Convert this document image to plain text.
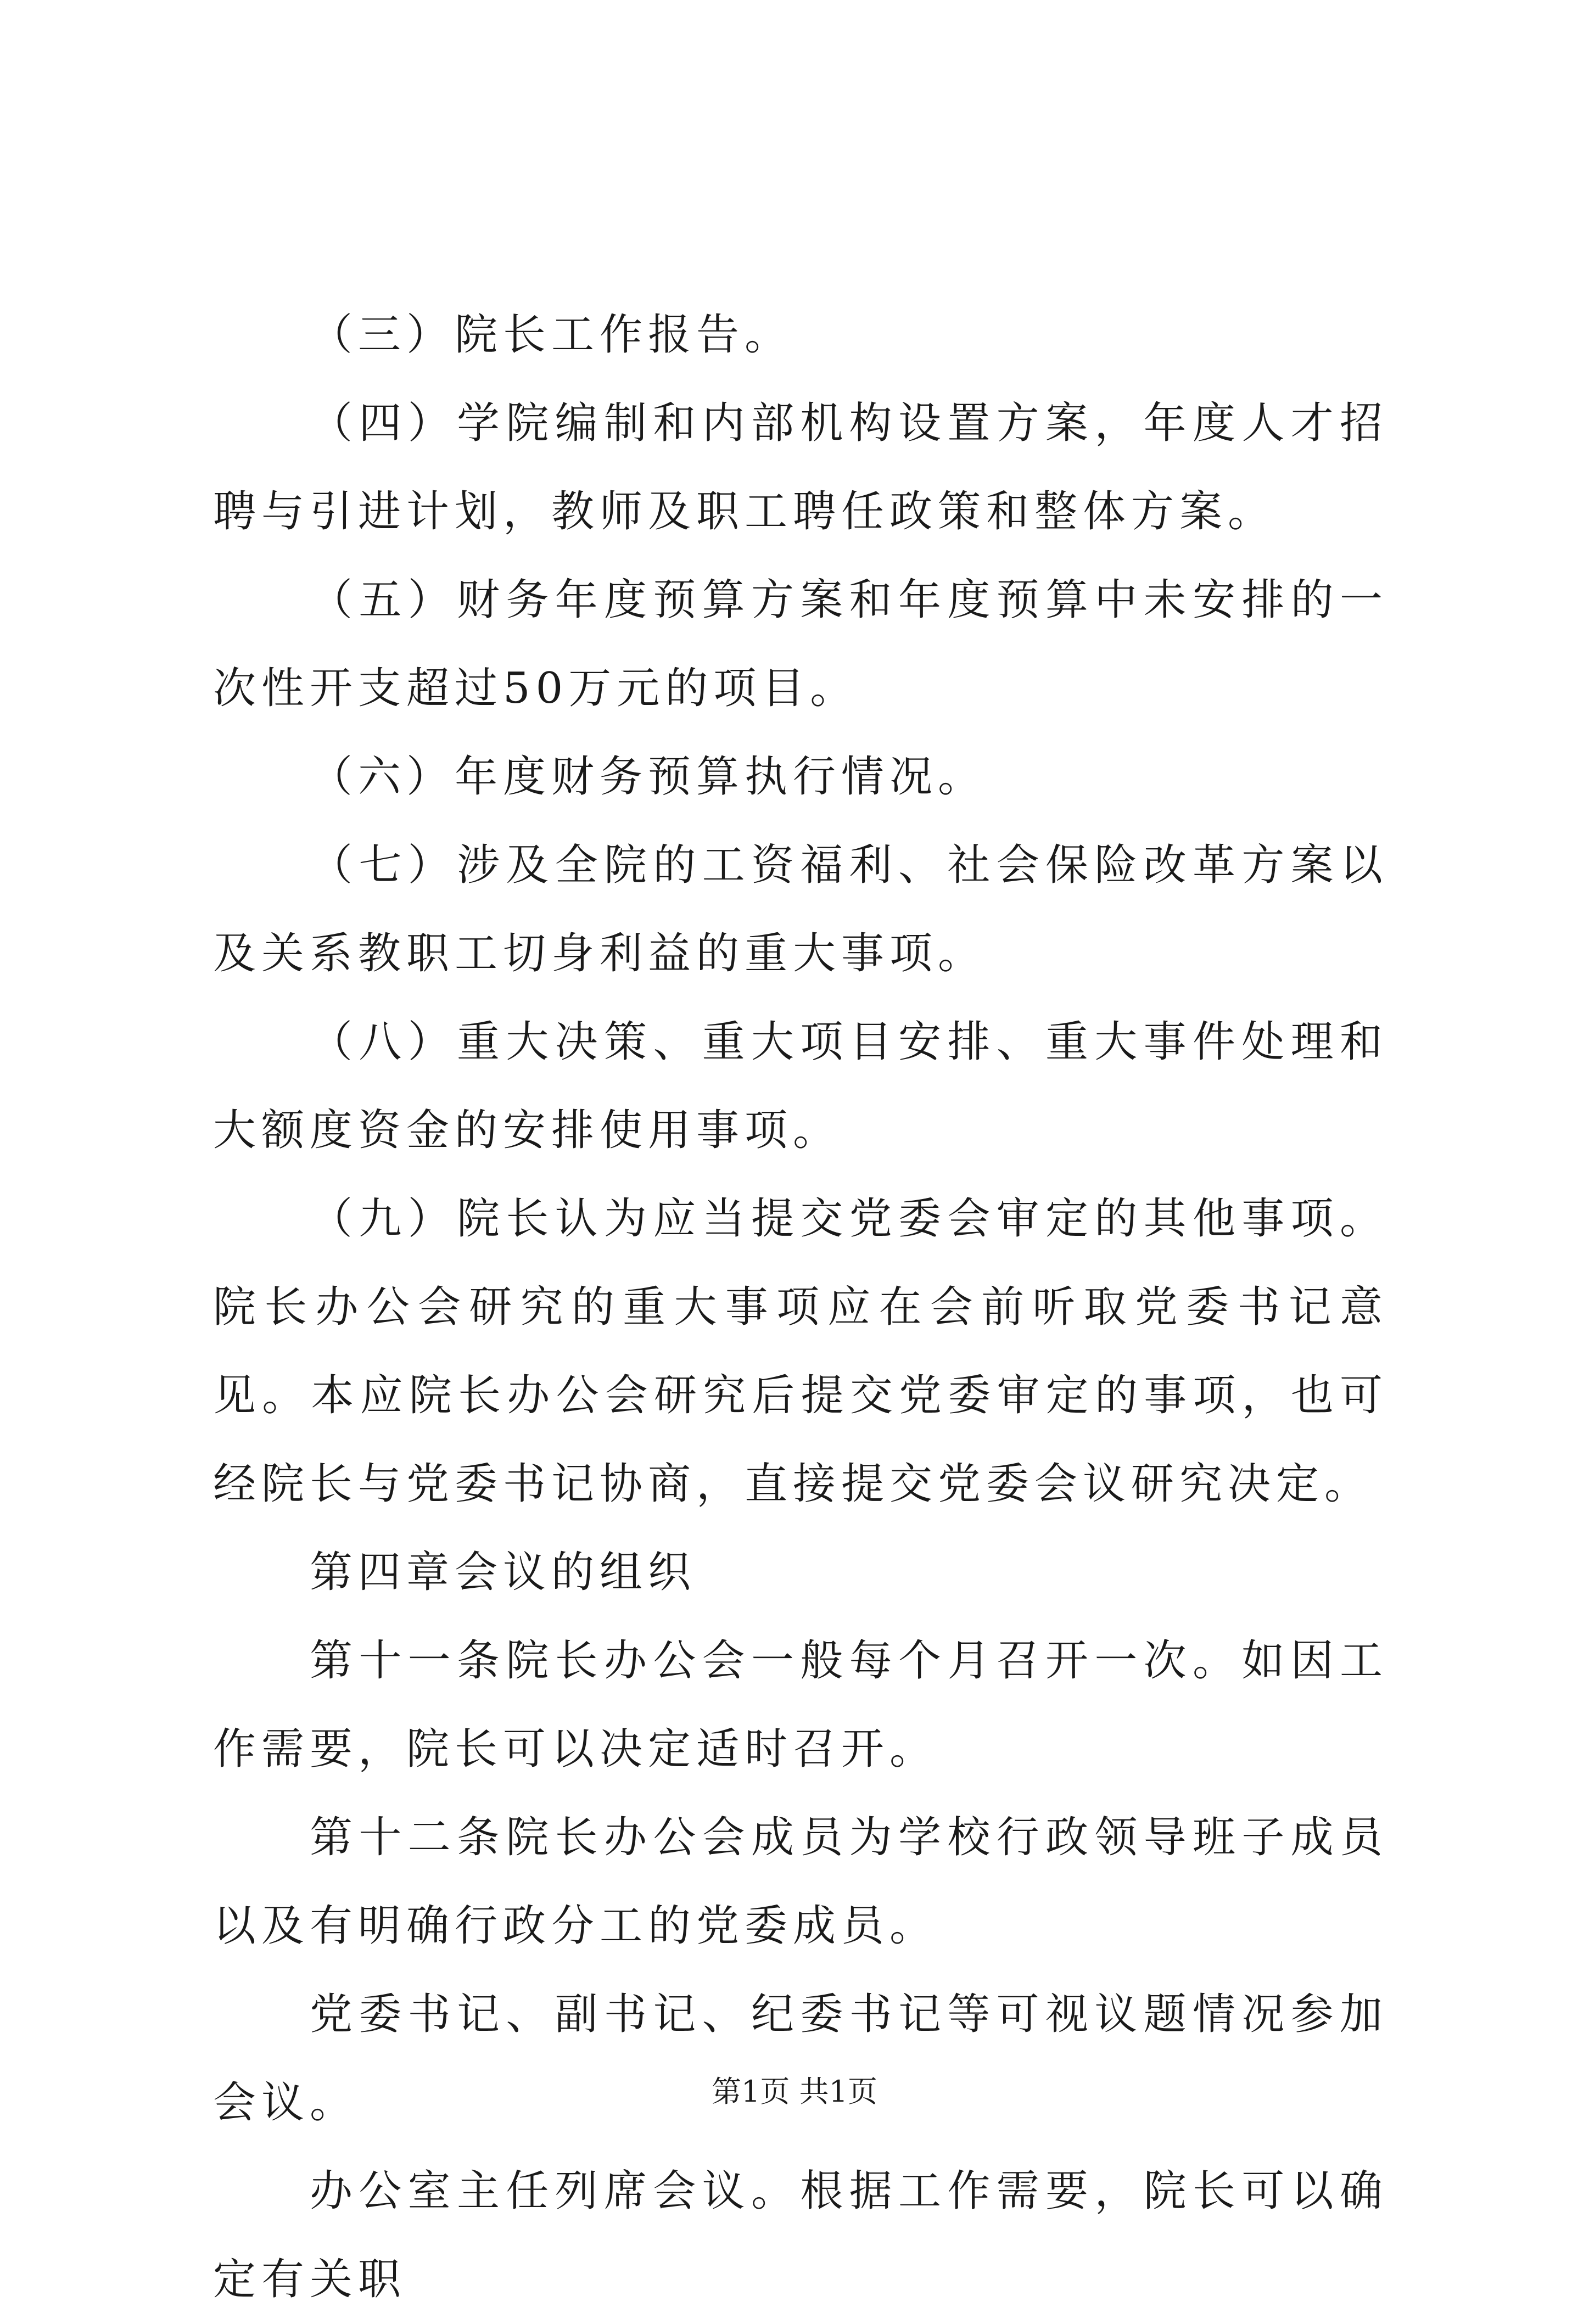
（三）院长工作报告。

（四）学院编制和内部机构设置方案，年度人才招聘与引进计划，教师及职工聘任政策和整体方案。

（五）财务年度预算方案和年度预算中未安排的一次性开支超过50万元的项目。

（六）年度财务预算执行情况。

（七）涉及全院的工资福利、社会保险改革方案以及关系教职工切身利益的重大事项。

（八）重大决策、重大项目安排、重大事件处理和大额度资金的安排使用事项。

（九）院长认为应当提交党委会审定的其他事项。院长办公会研究的重大事项应在会前听取党委书记意见。本应院长办公会研究后提交党委审定的事项，也可经院长与党委书记协商，直接提交党委会议研究决定。

第四章会议的组织

第十一条院长办公会一般每个月召开一次。如因工作需要，院长可以决定适时召开。

第十二条院长办公会成员为学校行政领导班子成员以及有明确行政分工的党委成员。

党委书记、副书记、纪委书记等可视议题情况参加会议。

办公室主任列席会议。根据工作需要，院长可以确定有关职

第1页 共1页
